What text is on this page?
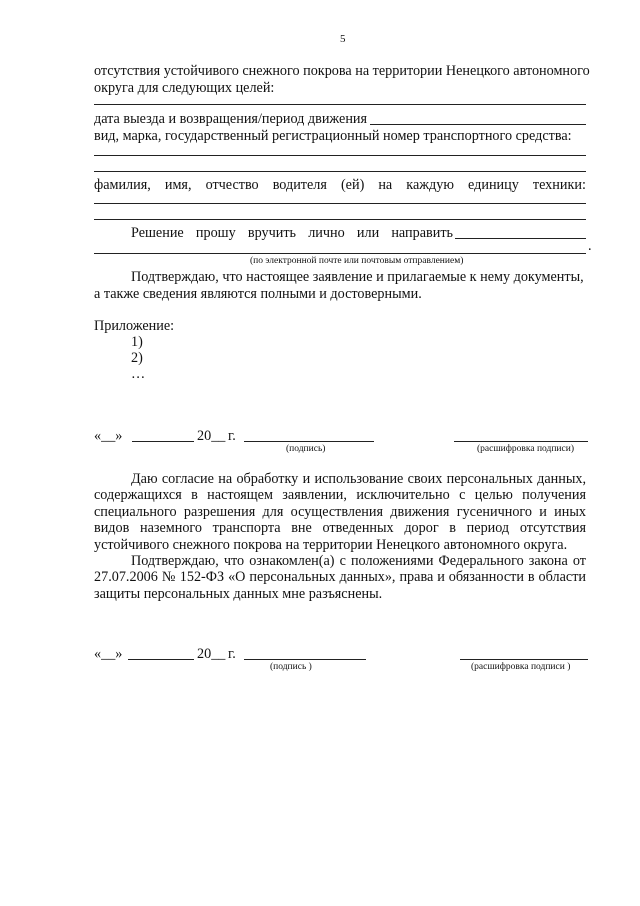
5
отсутствия устойчивого снежного покрова на территории Ненецкого автономного
округа для следующих целей:
дата выезда и возвращения/период движения
вид, марка, государственный регистрационный номер транспортного средства:
фамилия, имя, отчество водителя (ей) на каждую единицу техники:
Решение прошу вручить лично или направить
.
(по электронной почте или почтовым отправлением)
Подтверждаю, что настоящее заявление и прилагаемые к нему документы,
а также сведения являются полными и достоверными.
Приложение:
1)
2)
…
«__»	20__ г.
(подпись)	(расшифровка подписи)

Даю согласие на обработку и использование своих персональных данных, содержащихся в настоящем заявлении, исключительно с целью получения специального разрешения для осуществления движения гусеничного и иных видов наземного транспорта вне отведенных дорог в период отсутствия устойчивого снежного покрова на территории Ненецкого автономного округа.

Подтверждаю, что ознакомлен(а) с положениями Федерального закона от 27.07.2006 № 152-ФЗ «О персональных данных», права и обязанности в области защиты персональных данных мне разъяснены.

«__»	20__ г.
(подпись )	(расшифровка подписи )
